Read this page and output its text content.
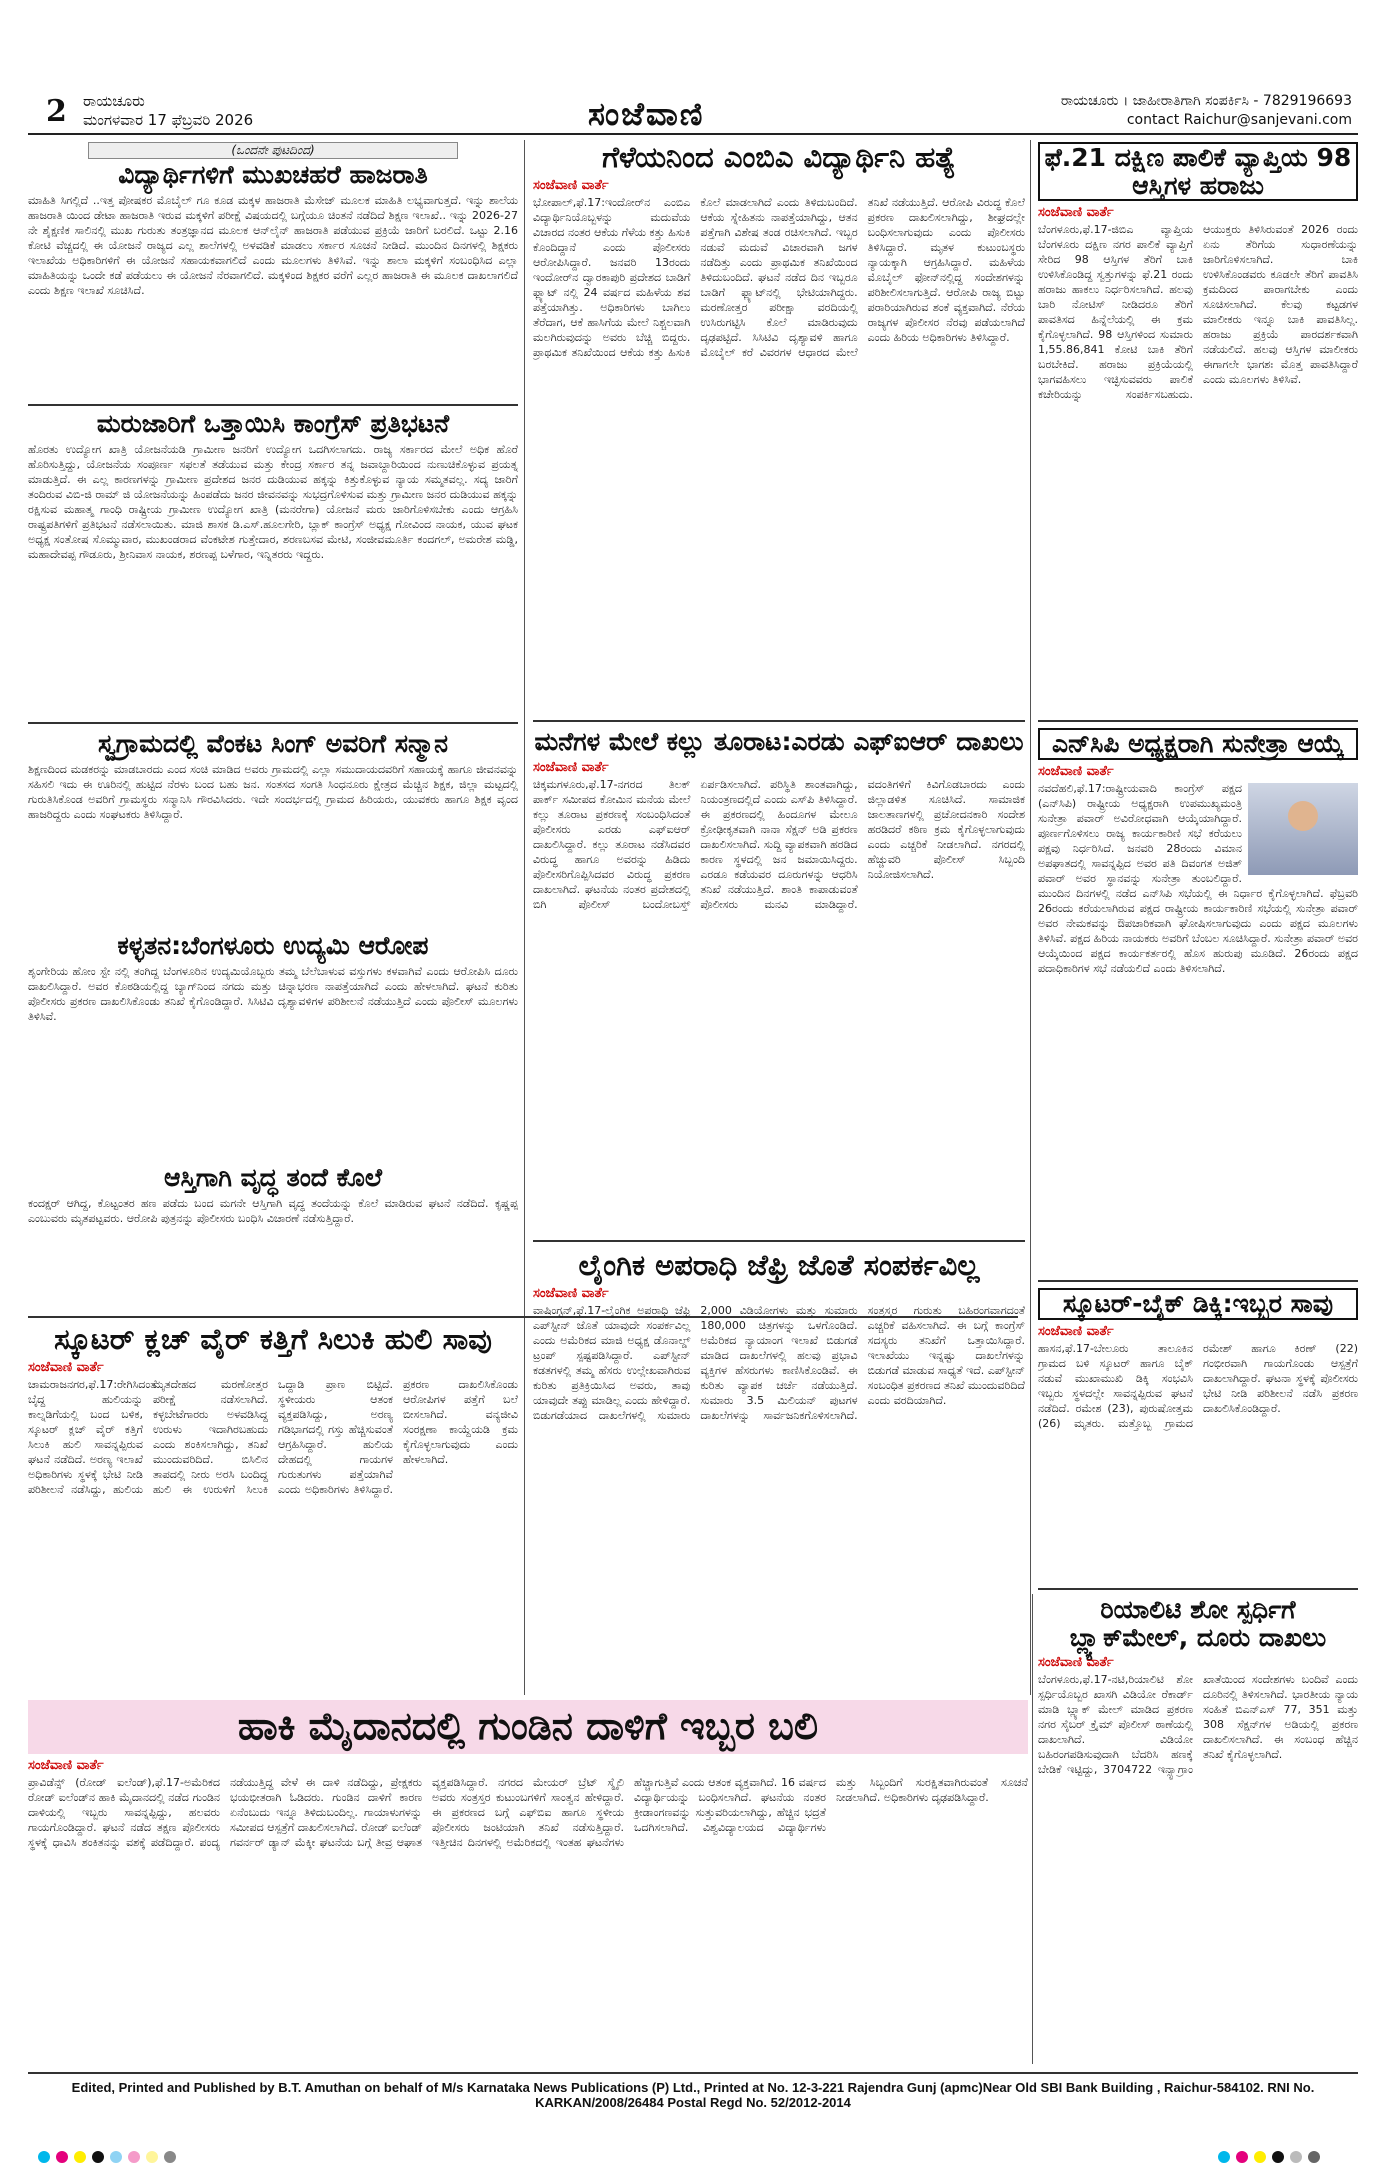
2 ರಾಯಚೂರು
ಮಂಗಳವಾರ 17 ಫೆಬ್ರವರಿ 2026	ಸಂಜೆವಾಣಿ	ರಾಯಚೂರು । ಜಾಹೀರಾತಿಗಾಗಿ ಸಂಪರ್ಕಿಸಿ - 7829196693
contact Raichur@sanjevani.com
(ಒಂದನೇ ಪುಟದಿಂದ)
ವಿದ್ಯಾರ್ಥಿಗಳಿಗೆ ಮುಖಚಹರೆ ಹಾಜರಾತಿ

ಮಾಹಿತಿ ಸಿಗಲ್ಲಿದೆ ..ಇತ್ತ ಪೋಷಕರ ಮೊಬೈಲ್ ಗೂ ಕೂಡ ಮಕ್ಕಳ ಹಾಜರಾತಿ ಮೆಸೇಜ್ ಮೂಲಕ ಮಾಹಿತಿ ಲಭ್ಯವಾಗುತ್ತದೆ. ಇನ್ನು ಶಾಲೆಯ ಹಾಜರಾತಿ ಯಿಂದ ಡೇಟಾ ಹಾಜರಾತಿ ಇರುವ ಮಕ್ಕಳಿಗೆ ಪರೀಕ್ಷೆ ವಿಷಯದಲ್ಲಿ ಬಗ್ಗೆಯೂ ಚಿಂತನೆ ನಡೆದಿದೆ ಶಿಕ್ಷಣ ಇಲಾಖೆ.. ಇನ್ನು 2026-27 ನೇ ಶೈಕ್ಷಣಿಕ ಸಾಲಿನಲ್ಲಿ ಮುಖ ಗುರುತು ತಂತ್ರಜ್ಞಾನದ ಮೂಲಕ ಆನ್‌ಲೈನ್ ಹಾಜರಾತಿ ಪಡೆಯುವ ಪ್ರಕ್ರಿಯೆ ಜಾರಿಗೆ ಬರಲಿದೆ. ಒಟ್ಟು 2.16 ಕೋಟಿ ವೆಚ್ಚದಲ್ಲಿ ಈ ಯೋಜನೆ ರಾಜ್ಯದ ಎಲ್ಲ ಶಾಲೆಗಳಲ್ಲಿ ಅಳವಡಿಕೆ ಮಾಡಲು ಸರ್ಕಾರ ಸೂಚನೆ ನೀಡಿದೆ. ಮುಂದಿನ ದಿನಗಳಲ್ಲಿ ಶಿಕ್ಷಕರು ಇಲಾಖೆಯ ಅಧಿಕಾರಿಗಳಿಗೆ ಈ ಯೋಜನೆ ಸಹಾಯಕವಾಗಲಿದೆ ಎಂದು ಮೂಲಗಳು ತಿಳಿಸಿವೆ. ಇನ್ನು ಶಾಲಾ ಮಕ್ಕಳಿಗೆ ಸಂಬಂಧಿಸಿದ ಎಲ್ಲಾ ಮಾಹಿತಿಯನ್ನು ಒಂದೇ ಕಡೆ ಪಡೆಯಲು ಈ ಯೋಜನೆ ನೆರವಾಗಲಿದೆ. ಮಕ್ಕಳಿಂದ ಶಿಕ್ಷಕರ ವರೆಗೆ ಎಲ್ಲರ ಹಾಜರಾತಿ ಈ ಮೂಲಕ ದಾಖಲಾಗಲಿದೆ ಎಂದು ಶಿಕ್ಷಣ ಇಲಾಖೆ ಸೂಚಿಸಿದೆ.

ಮರುಜಾರಿಗೆ ಒತ್ತಾಯಿಸಿ ಕಾಂಗ್ರೆಸ್ ಪ್ರತಿಭಟನೆ

ಹೊರತು ಉದ್ಯೋಗ ಖಾತ್ರಿ ಯೋಜನೆಯಡಿ ಗ್ರಾಮೀಣ ಜನರಿಗೆ ಉದ್ಯೋಗ ಒದಗಿಸಲಾಗದು. ರಾಜ್ಯ ಸರ್ಕಾರದ ಮೇಲೆ ಅಧಿಕ ಹೊರೆ ಹೊರಿಸುತ್ತಿದ್ದು, ಯೋಜನೆಯ ಸಂಪೂರ್ಣ ಸಫಲತೆ ತಡೆಯುವ ಮತ್ತು ಕೇಂದ್ರ ಸರ್ಕಾರ ತನ್ನ ಜವಾಬ್ದಾರಿಯಿಂದ ನುಣುಚಿಕೊಳ್ಳುವ ಪ್ರಯತ್ನ ಮಾಡುತ್ತಿದೆ. ಈ ಎಲ್ಲ ಕಾರಣಗಳನ್ನು ಗ್ರಾಮೀಣ ಪ್ರದೇಶದ ಜನರ ದುಡಿಯುವ ಹಕ್ಕನ್ನು ಕಿತ್ತುಕೊಳ್ಳುವ ನ್ಯಾಯ ಸಮ್ಮತವಲ್ಲ. ಸದ್ಯ ಜಾರಿಗೆ ತಂದಿರುವ ವಿಬಿ-ಜಿ ರಾಮ್ ಜಿ ಯೋಜನೆಯನ್ನು ಹಿಂಪಡೆದು ಜನರ ಜೀವನವನ್ನು ಸುಭದ್ರಗೊಳಿಸುವ ಮತ್ತು ಗ್ರಾಮೀಣ ಜನರ ದುಡಿಯುವ ಹಕ್ಕನ್ನು ರಕ್ಷಿಸುವ ಮಹಾತ್ಮ ಗಾಂಧಿ ರಾಷ್ಟ್ರೀಯ ಗ್ರಾಮೀಣ ಉದ್ಯೋಗ ಖಾತ್ರಿ (ಮನರೇಗಾ) ಯೋಜನೆ ಮರು ಜಾರಿಗೊಳಿಸಬೇಕು ಎಂದು ಆಗ್ರಹಿಸಿ ರಾಷ್ಟ್ರಪತಿಗಳಿಗೆ ಪ್ರತಿಭಟನೆ ನಡೆಸಲಾಯಿತು. ಮಾಜಿ ಶಾಸಕ ಡಿ.ಎಸ್.ಹೂಲಗೇರಿ, ಬ್ಲಾಕ್ ಕಾಂಗ್ರೆಸ್ ಅಧ್ಯಕ್ಷ ಗೋವಿಂದ ನಾಯಕ, ಯುವ ಘಟಕ ಅಧ್ಯಕ್ಷ ಸಂತೋಷ ಸೊಮ್ಮುವಾರ, ಮುಖಂಡರಾದ ವೆಂಕಟೇಶ ಗುತ್ತೇದಾರ, ಶರಣಬಸವ ಮೇಟಿ, ಸಂಜೀವಮೂರ್ತಿ ಕಂದಗಲ್, ಅಮರೇಶ ಮಡ್ಡಿ, ಮಹಾದೇವಪ್ಪ ಗೌಡೂರು, ಶ್ರೀನಿವಾಸ ನಾಯಕ, ಶರಣಪ್ಪ ಬಳೆಗಾರ, ಇನ್ನಿತರರು ಇದ್ದರು.

ಸ್ವಗ್ರಾಮದಲ್ಲಿ ವೆಂಕಟ ಸಿಂಗ್ ಅವರಿಗೆ ಸನ್ಮಾನ

ಶಿಕ್ಷಣದಿಂದ ಮಡಕರನ್ನು ಮಾಡಬಾರದು ಎಂದ ಸಂಚಿ ಮಾಡಿದ ಅವರು ಗ್ರಾಮದಲ್ಲಿ ಎಲ್ಲಾ ಸಮುದಾಯದವರಿಗೆ ಸಹಾಯಕ್ಕೆ ಹಾಗೂ ಜೀವನವನ್ನು ಸಹಿಸಲಿ ಇದು ಈ ಊರಿನಲ್ಲಿ ಹುಟ್ಟಿದ ನೆರಳು ಬಂದ ಬಹು ಜನ. ಸಂತಸದ ಸಂಗತಿ ಸಿಂಧನೂರು ಕ್ಷೇತ್ರದ ಮೆಚ್ಚಿನ ಶಿಕ್ಷಕ, ಜಿಲ್ಲಾ ಮಟ್ಟದಲ್ಲಿ ಗುರುತಿಸಿಕೊಂಡ ಅವರಿಗೆ ಗ್ರಾಮಸ್ಥರು ಸನ್ಮಾನಿಸಿ ಗೌರವಿಸಿದರು. ಇದೇ ಸಂದರ್ಭದಲ್ಲಿ ಗ್ರಾಮದ ಹಿರಿಯರು, ಯುವಕರು ಹಾಗೂ ಶಿಕ್ಷಕ ವೃಂದ ಹಾಜರಿದ್ದರು ಎಂದು ಸಂಘಟಕರು ತಿಳಿಸಿದ್ದಾರೆ.

ಕಳ್ಳತನ:ಬೆಂಗಳೂರು ಉದ್ಯಮಿ ಆರೋಪ

ಶೃಂಗೇರಿಯ ಹೋಂ ಸ್ಟೇ ನಲ್ಲಿ ತಂಗಿದ್ದ ಬೆಂಗಳೂರಿನ ಉದ್ಯಮಿಯೊಬ್ಬರು ತಮ್ಮ ಬೆಲೆಬಾಳುವ ವಸ್ತುಗಳು ಕಳವಾಗಿವೆ ಎಂದು ಆರೋಪಿಸಿ ದೂರು ದಾಖಲಿಸಿದ್ದಾರೆ. ಅವರ ಕೊಠಡಿಯಲ್ಲಿದ್ದ ಬ್ಯಾಗ್‌ನಿಂದ ನಗದು ಮತ್ತು ಚಿನ್ನಾಭರಣ ನಾಪತ್ತೆಯಾಗಿದೆ ಎಂದು ಹೇಳಲಾಗಿದೆ. ಘಟನೆ ಕುರಿತು ಪೊಲೀಸರು ಪ್ರಕರಣ ದಾಖಲಿಸಿಕೊಂಡು ತನಿಖೆ ಕೈಗೊಂಡಿದ್ದಾರೆ. ಸಿಸಿಟಿವಿ ದೃಶ್ಯಾವಳಿಗಳ ಪರಿಶೀಲನೆ ನಡೆಯುತ್ತಿದೆ ಎಂದು ಪೊಲೀಸ್ ಮೂಲಗಳು ತಿಳಿಸಿವೆ.

ಆಸ್ತಿಗಾಗಿ ವೃದ್ಧ ತಂದೆ ಕೊಲೆ

ಕಂದಕ್ಷರ್ ಆಗಿದ್ದ, ಕೊಟ್ಟಂತರ ಹಣ ಪಡೆದು ಬಂದ ಮಗನೇ ಆಸ್ತಿಗಾಗಿ ವೃದ್ಧ ತಂದೆಯನ್ನು ಕೊಲೆ ಮಾಡಿರುವ ಘಟನೆ ನಡೆದಿದೆ. ಕೃಷ್ಣಪ್ಪ ಎಂಬುವರು ಮೃತಪಟ್ಟವರು. ಆರೋಪಿ ಪುತ್ರನನ್ನು ಪೊಲೀಸರು ಬಂಧಿಸಿ ವಿಚಾರಣೆ ನಡೆಸುತ್ತಿದ್ದಾರೆ.

ಸ್ಕೂಟರ್ ಕ್ಲಚ್ ವೈರ್ ಕತ್ತಿಗೆ ಸಿಲುಕಿ ಹುಲಿ ಸಾವು
ಸಂಜೆವಾಣಿ ವಾರ್ತೆ

ಚಾಮರಾಜನಗರ,ಫೆ.17:ರೇಗಿಸಿದಂತೆ ಬೈದ್ದ ಹುಲಿಯನ್ನು ಕಾಲ್ನಡಿಗೆಯಲ್ಲಿ ಬಂದ ಬಳಿಕ, ಸ್ಕೂಟರ್ ಕ್ಲಚ್ ವೈರ್ ಕತ್ತಿಗೆ ಸಿಲುಕಿ ಹುಲಿ ಸಾವನ್ನಪ್ಪಿರುವ ಘಟನೆ ನಡೆದಿದೆ. ಅರಣ್ಯ ಇಲಾಖೆ ಅಧಿಕಾರಿಗಳು ಸ್ಥಳಕ್ಕೆ ಭೇಟಿ ನೀಡಿ ಪರಿಶೀಲನೆ ನಡೆಸಿದ್ದು, ಹುಲಿಯ ಮೃತದೇಹದ ಮರಣೋತ್ತರ ಪರೀಕ್ಷೆ ನಡೆಸಲಾಗಿದೆ. ಕಳ್ಳಬೇಟೆಗಾರರು ಅಳವಡಿಸಿದ್ದ ಉರುಳು ಇದಾಗಿರಬಹುದು ಎಂದು ಶಂಕಿಸಲಾಗಿದ್ದು, ತನಿಖೆ ಮುಂದುವರಿದಿದೆ. ಬಿಸಿಲಿನ ತಾಪದಲ್ಲಿ ನೀರು ಅರಸಿ ಬಂದಿದ್ದ ಹುಲಿ ಈ ಉರುಳಿಗೆ ಸಿಲುಕಿ ಒದ್ದಾಡಿ ಪ್ರಾಣ ಬಿಟ್ಟಿದೆ. ಸ್ಥಳೀಯರು ಆತಂಕ ವ್ಯಕ್ತಪಡಿಸಿದ್ದು, ಅರಣ್ಯ ಗಡಿಭಾಗದಲ್ಲಿ ಗಸ್ತು ಹೆಚ್ಚಿಸುವಂತೆ ಆಗ್ರಹಿಸಿದ್ದಾರೆ. ಹುಲಿಯ ದೇಹದಲ್ಲಿ ಗಾಯಗಳ ಗುರುತುಗಳು ಪತ್ತೆಯಾಗಿವೆ ಎಂದು ಅಧಿಕಾರಿಗಳು ತಿಳಿಸಿದ್ದಾರೆ. ಪ್ರಕರಣ ದಾಖಲಿಸಿಕೊಂಡು ಆರೋಪಿಗಳ ಪತ್ತೆಗೆ ಬಲೆ ಬೀಸಲಾಗಿದೆ. ವನ್ಯಜೀವಿ ಸಂರಕ್ಷಣಾ ಕಾಯ್ದೆಯಡಿ ಕ್ರಮ ಕೈಗೊಳ್ಳಲಾಗುವುದು ಎಂದು ಹೇಳಲಾಗಿದೆ.

ಗೆಳೆಯನಿಂದ ಎಂಬಿಎ ವಿದ್ಯಾರ್ಥಿನಿ ಹತ್ಯೆ
ಸಂಜೆವಾಣಿ ವಾರ್ತೆ

ಭೋಪಾಲ್,ಫೆ.17:ಇಂದೋರ್‌ನ ಎಂಬಿಎ ವಿದ್ಯಾರ್ಥಿನಿಯೊಬ್ಬಳನ್ನು ಮದುವೆಯ ವಿಚಾರದ ನಂತರ ಆಕೆಯ ಗೆಳೆಯ ಕತ್ತು ಹಿಸುಕಿ ಕೊಂದಿದ್ದಾನೆ ಎಂದು ಪೊಲೀಸರು ಆರೋಪಿಸಿದ್ದಾರೆ. ಜನವರಿ 13ರಂದು ಇಂದೋರ್‌ನ ದ್ವಾರಕಾಪುರಿ ಪ್ರದೇಶದ ಬಾಡಿಗೆ ಫ್ಲ್ಯಾಟ್ ನಲ್ಲಿ 24 ವರ್ಷದ ಮಹಿಳೆಯ ಶವ ಪತ್ತೆಯಾಗಿತ್ತು. ಅಧಿಕಾರಿಗಳು ಬಾಗಿಲು ತೆರೆದಾಗ, ಆಕೆ ಹಾಸಿಗೆಯ ಮೇಲೆ ನಿಶ್ಚಲವಾಗಿ ಮಲಗಿರುವುದನ್ನು ಅವರು ಬೆಚ್ಚಿ ಬಿದ್ದರು. ಪ್ರಾಥಮಿಕ ತನಿಖೆಯಿಂದ ಆಕೆಯ ಕತ್ತು ಹಿಸುಕಿ ಕೊಲೆ ಮಾಡಲಾಗಿದೆ ಎಂದು ತಿಳಿದುಬಂದಿದೆ. ಆಕೆಯ ಸ್ನೇಹಿತನು ನಾಪತ್ತೆಯಾಗಿದ್ದು, ಆತನ ಪತ್ತೆಗಾಗಿ ವಿಶೇಷ ತಂಡ ರಚಿಸಲಾಗಿದೆ. ಇಬ್ಬರ ನಡುವೆ ಮದುವೆ ವಿಚಾರವಾಗಿ ಜಗಳ ನಡೆದಿತ್ತು ಎಂದು ಪ್ರಾಥಮಿಕ ತನಿಖೆಯಿಂದ ತಿಳಿದುಬಂದಿದೆ. ಘಟನೆ ನಡೆದ ದಿನ ಇಬ್ಬರೂ ಬಾಡಿಗೆ ಫ್ಲ್ಯಾಟ್‌ನಲ್ಲಿ ಭೇಟಿಯಾಗಿದ್ದರು. ಮರಣೋತ್ತರ ಪರೀಕ್ಷಾ ವರದಿಯಲ್ಲಿ ಉಸಿರುಗಟ್ಟಿಸಿ ಕೊಲೆ ಮಾಡಿರುವುದು ದೃಢಪಟ್ಟಿದೆ. ಸಿಸಿಟಿವಿ ದೃಶ್ಯಾವಳಿ ಹಾಗೂ ಮೊಬೈಲ್ ಕರೆ ವಿವರಗಳ ಆಧಾರದ ಮೇಲೆ ತನಿಖೆ ನಡೆಯುತ್ತಿದೆ. ಆರೋಪಿ ವಿರುದ್ಧ ಕೊಲೆ ಪ್ರಕರಣ ದಾಖಲಿಸಲಾಗಿದ್ದು, ಶೀಘ್ರದಲ್ಲೇ ಬಂಧಿಸಲಾಗುವುದು ಎಂದು ಪೊಲೀಸರು ತಿಳಿಸಿದ್ದಾರೆ. ಮೃತಳ ಕುಟುಂಬಸ್ಥರು ನ್ಯಾಯಕ್ಕಾಗಿ ಆಗ್ರಹಿಸಿದ್ದಾರೆ. ಮಹಿಳೆಯ ಮೊಬೈಲ್ ಫೋನ್‌ನಲ್ಲಿದ್ದ ಸಂದೇಶಗಳನ್ನು ಪರಿಶೀಲಿಸಲಾಗುತ್ತಿದೆ. ಆರೋಪಿ ರಾಜ್ಯ ಬಿಟ್ಟು ಪರಾರಿಯಾಗಿರುವ ಶಂಕೆ ವ್ಯಕ್ತವಾಗಿದೆ. ನೆರೆಯ ರಾಜ್ಯಗಳ ಪೊಲೀಸರ ನೆರವು ಪಡೆಯಲಾಗಿದೆ ಎಂದು ಹಿರಿಯ ಅಧಿಕಾರಿಗಳು ತಿಳಿಸಿದ್ದಾರೆ.

ಮನೆಗಳ ಮೇಲೆ ಕಲ್ಲು ತೂರಾಟ:ಎರಡು ಎಫ್‌ಐಆರ್ ದಾಖಲು
ಸಂಜೆವಾಣಿ ವಾರ್ತೆ

ಚಿಕ್ಕಮಗಳೂರು,ಫೆ.17-ನಗರದ ತಿಲಕ್ ಪಾರ್ಕ್ ಸಮೀಪದ ಕೋಮಿನ ಮನೆಯ ಮೇಲೆ ಕಲ್ಲು ತೂರಾಟ ಪ್ರಕರಣಕ್ಕೆ ಸಂಬಂಧಿಸಿದಂತೆ ಪೊಲೀಸರು ಎರಡು ಎಫ್‌ಐಆರ್ ದಾಖಲಿಸಿದ್ದಾರೆ. ಕಲ್ಲು ತೂರಾಟ ನಡೆಸಿದವರ ವಿರುದ್ಧ ಹಾಗೂ ಅವರನ್ನು ಹಿಡಿದು ಪೊಲೀಸರಿಗೊಪ್ಪಿಸಿದವರ ವಿರುದ್ಧ ಪ್ರಕರಣ ದಾಖಲಾಗಿದೆ. ಘಟನೆಯ ನಂತರ ಪ್ರದೇಶದಲ್ಲಿ ಬಿಗಿ ಪೊಲೀಸ್ ಬಂದೋಬಸ್ತ್ ಏರ್ಪಡಿಸಲಾಗಿದೆ. ಪರಿಸ್ಥಿತಿ ಶಾಂತವಾಗಿದ್ದು, ನಿಯಂತ್ರಣದಲ್ಲಿದೆ ಎಂದು ಎಸ್‌ಪಿ ತಿಳಿಸಿದ್ದಾರೆ. ಈ ಪ್ರಕರಣದಲ್ಲಿ ಹಿಂದೂಗಳ ಮೇಲೂ ಕ್ರೋಢೀಕೃತವಾಗಿ ನಾನಾ ಸೆಕ್ಷನ್ ಅಡಿ ಪ್ರಕರಣ ದಾಖಲಿಸಲಾಗಿದೆ. ಸುದ್ದಿ ವ್ಯಾಪಕವಾಗಿ ಹರಡಿದ ಕಾರಣ ಸ್ಥಳದಲ್ಲಿ ಜನ ಜಮಾಯಿಸಿದ್ದರು. ಎರಡೂ ಕಡೆಯವರ ದೂರುಗಳನ್ನು ಆಧರಿಸಿ ತನಿಖೆ ನಡೆಯುತ್ತಿದೆ. ಶಾಂತಿ ಕಾಪಾಡುವಂತೆ ಪೊಲೀಸರು ಮನವಿ ಮಾಡಿದ್ದಾರೆ. ವದಂತಿಗಳಿಗೆ ಕಿವಿಗೊಡಬಾರದು ಎಂದು ಜಿಲ್ಲಾಡಳಿತ ಸೂಚಿಸಿದೆ. ಸಾಮಾಜಿಕ ಜಾಲತಾಣಗಳಲ್ಲಿ ಪ್ರಚೋದನಕಾರಿ ಸಂದೇಶ ಹರಡಿದರೆ ಕಠಿಣ ಕ್ರಮ ಕೈಗೊಳ್ಳಲಾಗುವುದು ಎಂದು ಎಚ್ಚರಿಕೆ ನೀಡಲಾಗಿದೆ. ನಗರದಲ್ಲಿ ಹೆಚ್ಚುವರಿ ಪೊಲೀಸ್ ಸಿಬ್ಬಂದಿ ನಿಯೋಜಿಸಲಾಗಿದೆ.

ಲೈಂಗಿಕ ಅಪರಾಧಿ ಜೆಫ್ರಿ ಜೊತೆ ಸಂಪರ್ಕವಿಲ್ಲ
ಸಂಜೆವಾಣಿ ವಾರ್ತೆ

ವಾಷಿಂಗ್ಟನ್,ಫೆ.17-ಲೈಂಗಿಕ ಅಪರಾಧಿ ಜೆಫ್ರಿ ಎಪ್‌ಸ್ಟೀನ್ ಜೊತೆ ಯಾವುದೇ ಸಂಪರ್ಕವಿಲ್ಲ ಎಂದು ಅಮೆರಿಕದ ಮಾಜಿ ಅಧ್ಯಕ್ಷ ಡೊನಾಲ್ಡ್ ಟ್ರಂಪ್ ಸ್ಪಷ್ಟಪಡಿಸಿದ್ದಾರೆ. ಎಪ್‌ಸ್ಟೀನ್ ಕಡತಗಳಲ್ಲಿ ತಮ್ಮ ಹೆಸರು ಉಲ್ಲೇಖವಾಗಿರುವ ಕುರಿತು ಪ್ರತಿಕ್ರಿಯಿಸಿದ ಅವರು, ತಾವು ಯಾವುದೇ ತಪ್ಪು ಮಾಡಿಲ್ಲ ಎಂದು ಹೇಳಿದ್ದಾರೆ. ಬಿಡುಗಡೆಯಾದ ದಾಖಲೆಗಳಲ್ಲಿ ಸುಮಾರು 2,000 ವಿಡಿಯೋಗಳು ಮತ್ತು ಸುಮಾರು 180,000 ಚಿತ್ರಗಳನ್ನು ಒಳಗೊಂಡಿದೆ. ಅಮೆರಿಕದ ನ್ಯಾಯಾಂಗ ಇಲಾಖೆ ಬಿಡುಗಡೆ ಮಾಡಿದ ದಾಖಲೆಗಳಲ್ಲಿ ಹಲವು ಪ್ರಭಾವಿ ವ್ಯಕ್ತಿಗಳ ಹೆಸರುಗಳು ಕಾಣಿಸಿಕೊಂಡಿವೆ. ಈ ಕುರಿತು ವ್ಯಾಪಕ ಚರ್ಚೆ ನಡೆಯುತ್ತಿದೆ. ಸುಮಾರು 3.5 ಮಿಲಿಯನ್ ಪುಟಗಳ ದಾಖಲೆಗಳನ್ನು ಸಾರ್ವಜನಿಕಗೊಳಿಸಲಾಗಿದೆ. ಸಂತ್ರಸ್ತರ ಗುರುತು ಬಹಿರಂಗವಾಗದಂತೆ ಎಚ್ಚರಿಕೆ ವಹಿಸಲಾಗಿದೆ. ಈ ಬಗ್ಗೆ ಕಾಂಗ್ರೆಸ್ ಸದಸ್ಯರು ತನಿಖೆಗೆ ಒತ್ತಾಯಿಸಿದ್ದಾರೆ. ಇಲಾಖೆಯು ಇನ್ನಷ್ಟು ದಾಖಲೆಗಳನ್ನು ಬಿಡುಗಡೆ ಮಾಡುವ ಸಾಧ್ಯತೆ ಇದೆ. ಎಪ್‌ಸ್ಟೀನ್ ಸಂಬಂಧಿತ ಪ್ರಕರಣದ ತನಿಖೆ ಮುಂದುವರಿದಿದೆ ಎಂದು ವರದಿಯಾಗಿದೆ.

ಫೆ.21 ದಕ್ಷಿಣ ಪಾಲಿಕೆ ವ್ಯಾಪ್ತಿಯ 98 ಆಸ್ತಿಗಳ ಹರಾಜು
ಸಂಜೆವಾಣಿ ವಾರ್ತೆ

ಬೆಂಗಳೂರು,ಫೆ.17-ಜಿಬಿಎ ವ್ಯಾಪ್ತಿಯ ಬೆಂಗಳೂರು ದಕ್ಷಿಣ ನಗರ ಪಾಲಿಕೆ ವ್ಯಾಪ್ತಿಗೆ ಸೇರಿದ 98 ಆಸ್ತಿಗಳ ತೆರಿಗೆ ಬಾಕಿ ಉಳಿಸಿಕೊಂಡಿದ್ದ ಸ್ವತ್ತುಗಳನ್ನು ಫೆ.21 ರಂದು ಹರಾಜು ಹಾಕಲು ನಿರ್ಧರಿಸಲಾಗಿದೆ. ಹಲವು ಬಾರಿ ನೋಟಿಸ್ ನೀಡಿದರೂ ತೆರಿಗೆ ಪಾವತಿಸದ ಹಿನ್ನೆಲೆಯಲ್ಲಿ ಈ ಕ್ರಮ ಕೈಗೊಳ್ಳಲಾಗಿದೆ. 98 ಆಸ್ತಿಗಳಿಂದ ಸುಮಾರು 1,55.86,841 ಕೋಟಿ ಬಾಕಿ ತೆರಿಗೆ ಬರಬೇಕಿದೆ. ಹರಾಜು ಪ್ರಕ್ರಿಯೆಯಲ್ಲಿ ಭಾಗವಹಿಸಲು ಇಚ್ಛಿಸುವವರು ಪಾಲಿಕೆ ಕಚೇರಿಯನ್ನು ಸಂಪರ್ಕಿಸಬಹುದು. ಆಯುಕ್ತರು ತಿಳಿಸಿರುವಂತೆ 2026 ರಂದು ಏನು ತೆರಿಗೆಯ ಸುಧಾರಣೆಯನ್ನು ಜಾರಿಗೊಳಿಸಲಾಗಿದೆ. ಬಾಕಿ ಉಳಿಸಿಕೊಂಡವರು ಕೂಡಲೇ ತೆರಿಗೆ ಪಾವತಿಸಿ ಕ್ರಮದಿಂದ ಪಾರಾಗಬೇಕು ಎಂದು ಸೂಚಿಸಲಾಗಿದೆ. ಕೆಲವು ಕಟ್ಟಡಗಳ ಮಾಲೀಕರು ಇನ್ನೂ ಬಾಕಿ ಪಾವತಿಸಿಲ್ಲ. ಹರಾಜು ಪ್ರಕ್ರಿಯೆ ಪಾರದರ್ಶಕವಾಗಿ ನಡೆಯಲಿದೆ. ಹಲವು ಆಸ್ತಿಗಳ ಮಾಲೀಕರು ಈಗಾಗಲೇ ಭಾಗಶಃ ಮೊತ್ತ ಪಾವತಿಸಿದ್ದಾರೆ ಎಂದು ಮೂಲಗಳು ತಿಳಿಸಿವೆ.

ಎನ್‌ಸಿಪಿ ಅಧ್ಯಕ್ಷರಾಗಿ ಸುನೇತ್ರಾ ಆಯ್ಕೆ
ಸಂಜೆವಾಣಿ ವಾರ್ತೆ

ನವದೆಹಲಿ,ಫೆ.17:ರಾಷ್ಟ್ರೀಯವಾದಿ ಕಾಂಗ್ರೆಸ್ ಪಕ್ಷದ (ಎನ್‌ಸಿಪಿ) ರಾಷ್ಟ್ರೀಯ ಅಧ್ಯಕ್ಷರಾಗಿ ಉಪಮುಖ್ಯಮಂತ್ರಿ ಸುನೇತ್ರಾ ಪವಾರ್ ಅವಿರೋಧವಾಗಿ ಆಯ್ಕೆಯಾಗಿದ್ದಾರೆ. ಪೂರ್ಣಗೊಳಿಸಲು ರಾಜ್ಯ ಕಾರ್ಯಕಾರಿಣಿ ಸಭೆ ಕರೆಯಲು ಪಕ್ಷವು ನಿರ್ಧರಿಸಿದೆ. ಜನವರಿ 28ರಂದು ವಿಮಾನ ಅಪಘಾತದಲ್ಲಿ ಸಾವನ್ನಪ್ಪಿದ ಅವರ ಪತಿ ದಿವಂಗತ ಅಜಿತ್ ಪವಾರ್ ಅವರ ಸ್ಥಾನವನ್ನು ಸುನೇತ್ರಾ ತುಂಬಲಿದ್ದಾರೆ. ಮುಂದಿನ ದಿನಗಳಲ್ಲಿ ನಡೆದ ಎನ್‌ಸಿಪಿ ಸಭೆಯಲ್ಲಿ ಈ ನಿರ್ಧಾರ ಕೈಗೊಳ್ಳಲಾಗಿದೆ. ಫೆಬ್ರವರಿ 26ರಂದು ಕರೆಯಲಾಗಿರುವ ಪಕ್ಷದ ರಾಷ್ಟ್ರೀಯ ಕಾರ್ಯಕಾರಿಣಿ ಸಭೆಯಲ್ಲಿ ಸುನೇತ್ರಾ ಪವಾರ್ ಅವರ ನೇಮಕವನ್ನು ಔಪಚಾರಿಕವಾಗಿ ಘೋಷಿಸಲಾಗುವುದು ಎಂದು ಪಕ್ಷದ ಮೂಲಗಳು ತಿಳಿಸಿವೆ. ಪಕ್ಷದ ಹಿರಿಯ ನಾಯಕರು ಅವರಿಗೆ ಬೆಂಬಲ ಸೂಚಿಸಿದ್ದಾರೆ. ಸುನೇತ್ರಾ ಪವಾರ್ ಅವರ ಆಯ್ಕೆಯಿಂದ ಪಕ್ಷದ ಕಾರ್ಯಕರ್ತರಲ್ಲಿ ಹೊಸ ಹುರುಪು ಮೂಡಿದೆ. 26ರಂದು ಪಕ್ಷದ ಪದಾಧಿಕಾರಿಗಳ ಸಭೆ ನಡೆಯಲಿದೆ ಎಂದು ತಿಳಿಸಲಾಗಿದೆ.

ಸ್ಕೂಟರ್-ಬೈಕ್ ಡಿಕ್ಕಿ:ಇಬ್ಬರ ಸಾವು
ಸಂಜೆವಾಣಿ ವಾರ್ತೆ

ಹಾಸನ,ಫೆ.17-ಬೇಲೂರು ತಾಲೂಕಿನ ಗ್ರಾಮದ ಬಳಿ ಸ್ಕೂಟರ್ ಹಾಗೂ ಬೈಕ್ ನಡುವೆ ಮುಖಾಮುಖಿ ಡಿಕ್ಕಿ ಸಂಭವಿಸಿ ಇಬ್ಬರು ಸ್ಥಳದಲ್ಲೇ ಸಾವನ್ನಪ್ಪಿರುವ ಘಟನೆ ನಡೆದಿದೆ. ರಮೇಶ (23), ಪುರುಷೋತ್ತಮ (26) ಮೃತರು. ಮತ್ತೊಬ್ಬ ಗ್ರಾಮದ ರಮೇಶ್ ಹಾಗೂ ಕಿರಣ್ (22) ಗಂಭೀರವಾಗಿ ಗಾಯಗೊಂಡು ಆಸ್ಪತ್ರೆಗೆ ದಾಖಲಾಗಿದ್ದಾರೆ. ಘಟನಾ ಸ್ಥಳಕ್ಕೆ ಪೊಲೀಸರು ಭೇಟಿ ನೀಡಿ ಪರಿಶೀಲನೆ ನಡೆಸಿ ಪ್ರಕರಣ ದಾಖಲಿಸಿಕೊಂಡಿದ್ದಾರೆ.

ರಿಯಾಲಿಟಿ ಶೋ ಸ್ಪರ್ಧಿಗೆ ಬ್ಲ್ಯಾಕ್‌ಮೇಲ್, ದೂರು ದಾಖಲು
ಸಂಜೆವಾಣಿ ವಾರ್ತೆ

ಬೆಂಗಳೂರು,ಫೆ.17-ನಟಿ,ರಿಯಾಲಿಟಿ ಶೋ ಸ್ಪರ್ಧಿಯೊಬ್ಬರ ಖಾಸಗಿ ವಿಡಿಯೋ ರೆಕಾರ್ಡ್ ಮಾಡಿ ಬ್ಲ್ಯಾಕ್‌ ಮೇಲ್ ಮಾಡಿದ ಪ್ರಕರಣ ನಗರ ಸೈಬರ್ ಕ್ರೈಮ್ ಪೊಲೀಸ್ ಠಾಣೆಯಲ್ಲಿ ದಾಖಲಾಗಿದೆ. ವಿಡಿಯೋ ಬಹಿರಂಗಪಡಿಸುವುದಾಗಿ ಬೆದರಿಸಿ ಹಣಕ್ಕೆ ಬೇಡಿಕೆ ಇಟ್ಟಿದ್ದು, 3704722 ಇನ್ಸ್ಟಾಗ್ರಾಂ ಖಾತೆಯಿಂದ ಸಂದೇಶಗಳು ಬಂದಿವೆ ಎಂದು ದೂರಿನಲ್ಲಿ ತಿಳಿಸಲಾಗಿದೆ. ಭಾರತೀಯ ನ್ಯಾಯ ಸಂಹಿತೆ ಬಿಎನ್‌ಎಸ್ 77, 351 ಮತ್ತು 308 ಸೆಕ್ಷನ್‌ಗಳ ಅಡಿಯಲ್ಲಿ ಪ್ರಕರಣ ದಾಖಲಿಸಲಾಗಿದೆ. ಈ ಸಂಬಂಧ ಹೆಚ್ಚಿನ ತನಿಖೆ ಕೈಗೊಳ್ಳಲಾಗಿದೆ.

ಹಾಕಿ ಮೈದಾನದಲ್ಲಿ ಗುಂಡಿನ ದಾಳಿಗೆ ಇಬ್ಬರ ಬಲಿ
ಸಂಜೆವಾಣಿ ವಾರ್ತೆ

ಪ್ರಾವಿಡೆನ್ಸ್ (ರೋಡ್ ಐಲೆಂಡ್),ಫೆ.17-ಅಮೆರಿಕದ ರೋಡ್ ಐಲೆಂಡ್‌ನ ಹಾಕಿ ಮೈದಾನದಲ್ಲಿ ನಡೆದ ಗುಂಡಿನ ದಾಳಿಯಲ್ಲಿ ಇಬ್ಬರು ಸಾವನ್ನಪ್ಪಿದ್ದು, ಹಲವರು ಗಾಯಗೊಂಡಿದ್ದಾರೆ. ಘಟನೆ ನಡೆದ ತಕ್ಷಣ ಪೊಲೀಸರು ಸ್ಥಳಕ್ಕೆ ಧಾವಿಸಿ ಶಂಕಿತನನ್ನು ವಶಕ್ಕೆ ಪಡೆದಿದ್ದಾರೆ. ಪಂದ್ಯ ನಡೆಯುತ್ತಿದ್ದ ವೇಳೆ ಈ ದಾಳಿ ನಡೆದಿದ್ದು, ಪ್ರೇಕ್ಷಕರು ಭಯಭೀತರಾಗಿ ಓಡಿದರು. ಗುಂಡಿನ ದಾಳಿಗೆ ಕಾರಣ ಏನೆಂಬುದು ಇನ್ನೂ ತಿಳಿದುಬಂದಿಲ್ಲ. ಗಾಯಾಳುಗಳನ್ನು ಸಮೀಪದ ಆಸ್ಪತ್ರೆಗೆ ದಾಖಲಿಸಲಾಗಿದೆ. ರೋಡ್ ಐಲೆಂಡ್ ಗವರ್ನರ್ ಡ್ಯಾನ್ ಮೆಕ್ಕೀ ಘಟನೆಯ ಬಗ್ಗೆ ತೀವ್ರ ಆಘಾತ ವ್ಯಕ್ತಪಡಿಸಿದ್ದಾರೆ. ನಗರದ ಮೇಯರ್ ಬ್ರೆಟ್ ಸ್ಮೈಲಿ ಅವರು ಸಂತ್ರಸ್ತರ ಕುಟುಂಬಗಳಿಗೆ ಸಾಂತ್ವನ ಹೇಳಿದ್ದಾರೆ. ಈ ಪ್ರಕರಣದ ಬಗ್ಗೆ ಎಫ್‌ಬಿಐ ಹಾಗೂ ಸ್ಥಳೀಯ ಪೊಲೀಸರು ಜಂಟಿಯಾಗಿ ತನಿಖೆ ನಡೆಸುತ್ತಿದ್ದಾರೆ. ಇತ್ತೀಚಿನ ದಿನಗಳಲ್ಲಿ ಅಮೆರಿಕದಲ್ಲಿ ಇಂತಹ ಘಟನೆಗಳು ಹೆಚ್ಚಾಗುತ್ತಿವೆ ಎಂದು ಆತಂಕ ವ್ಯಕ್ತವಾಗಿದೆ. 16 ವರ್ಷದ ವಿದ್ಯಾರ್ಥಿಯನ್ನು ಬಂಧಿಸಲಾಗಿದೆ. ಘಟನೆಯ ನಂತರ ಕ್ರೀಡಾಂಗಣವನ್ನು ಸುತ್ತುವರಿಯಲಾಗಿದ್ದು, ಹೆಚ್ಚಿನ ಭದ್ರತೆ ಒದಗಿಸಲಾಗಿದೆ. ವಿಶ್ವವಿದ್ಯಾಲಯದ ವಿದ್ಯಾರ್ಥಿಗಳು ಮತ್ತು ಸಿಬ್ಬಂದಿಗೆ ಸುರಕ್ಷಿತವಾಗಿರುವಂತೆ ಸೂಚನೆ ನೀಡಲಾಗಿದೆ. ಅಧಿಕಾರಿಗಳು ದೃಢಪಡಿಸಿದ್ದಾರೆ.

Edited, Printed and Published by B.T. Amuthan on behalf of M/s Karnataka News Publications (P) Ltd., Printed at No. 12-3-221 Rajendra Gunj (apmc)Near Old SBI Bank Building , Raichur-584102. RNI No. KARKAN/2008/26484 Postal Regd No. 52/2012-2014
